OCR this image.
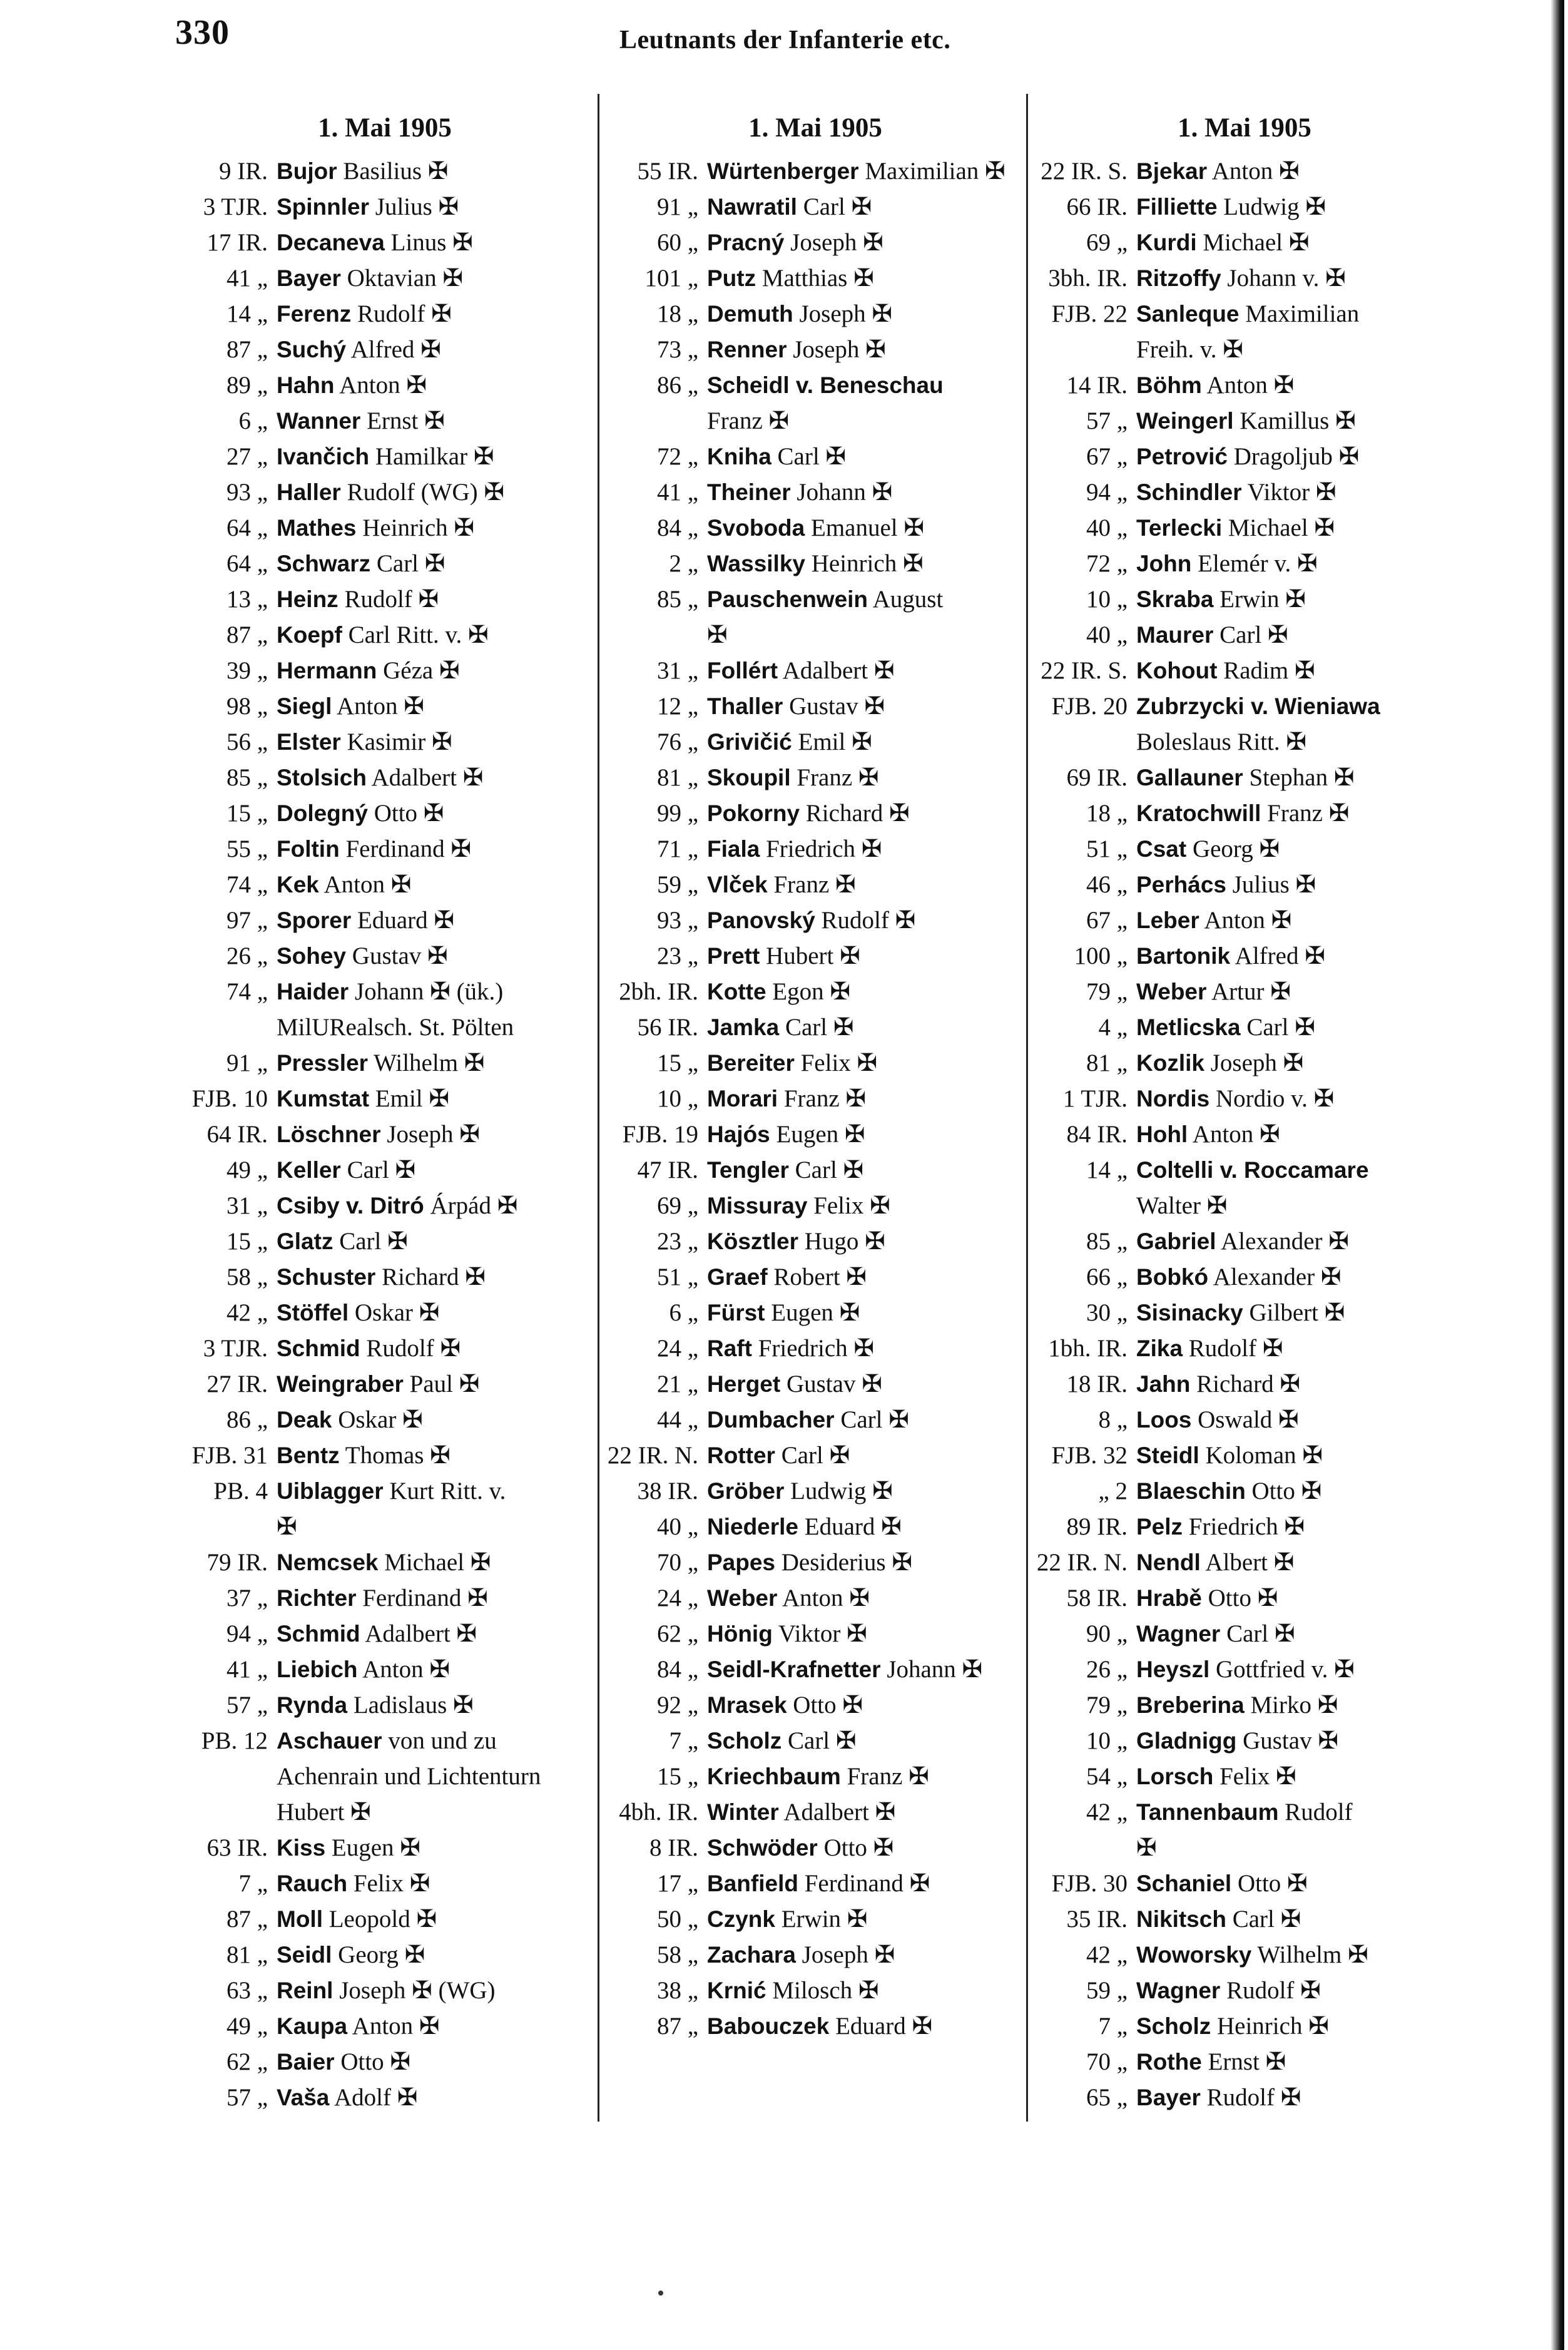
330	Leutnants der Infanterie etc.
1. Mai 1905
9 IR. Bujor Basilius ✠
3 TJR. Spinnler Julius ✠
17 IR. Decaneva Linus ✠
41 „ Bayer Oktavian ✠
14 „ Ferenz Rudolf ✠
87 „ Suchý Alfred ✠
89 „ Hahn Anton ✠
6 „ Wanner Ernst ✠
27 „ Ivančich Hamilkar ✠
93 „ Haller Rudolf (WG) ✠
64 „ Mathes Heinrich ✠
64 „ Schwarz Carl ✠
13 „ Heinz Rudolf ✠
87 „ Koepf Carl Ritt. v. ✠
39 „ Hermann Géza ✠
98 „ Siegl Anton ✠
56 „ Elster Kasimir ✠
85 „ Stolsich Adalbert ✠
15 „ Dolegný Otto ✠
55 „ Foltin Ferdinand ✠
74 „ Kek Anton ✠
97 „ Sporer Eduard ✠
26 „ Sohey Gustav ✠
74 „ Haider Johann ✠ (ük.)
MilURealsch. St. Pölten
91 „ Pressler Wilhelm ✠
FJB. 10 Kumstat Emil ✠
64 IR. Löschner Joseph ✠
49 „ Keller Carl ✠
31 „ Csiby v. Ditró Árpád ✠
15 „ Glatz Carl ✠
58 „ Schuster Richard ✠
42 „ Stöffel Oskar ✠
3 TJR. Schmid Rudolf ✠
27 IR. Weingraber Paul ✠
86 „ Deak Oskar ✠
FJB. 31 Bentz Thomas ✠
PB. 4 Uiblagger Kurt Ritt. v.
✠
79 IR. Nemcsek Michael ✠
37 „ Richter Ferdinand ✠
94 „ Schmid Adalbert ✠
41 „ Liebich Anton ✠
57 „ Rynda Ladislaus ✠
PB. 12 Aschauer von und zu
Achenrain und Lichtenturn Hubert ✠
63 IR. Kiss Eugen ✠
7 „ Rauch Felix ✠
87 „ Moll Leopold ✠
81 „ Seidl Georg ✠
63 „ Reinl Joseph ✠ (WG)
49 „ Kaupa Anton ✠
62 „ Baier Otto ✠
57 „ Vaša Adolf ✠
1. Mai 1905
55 IR. Würtenberger Maximilian ✠
91 „ Nawratil Carl ✠
60 „ Pracný Joseph ✠
101 „ Putz Matthias ✠
18 „ Demuth Joseph ✠
73 „ Renner Joseph ✠
86 „ Scheidl v. Beneschau
Franz ✠
72 „ Kniha Carl ✠
41 „ Theiner Johann ✠
84 „ Svoboda Emanuel ✠
2 „ Wassilky Heinrich ✠
85 „ Pauschenwein August
✠
31 „ Follért Adalbert ✠
12 „ Thaller Gustav ✠
76 „ Grivičić Emil ✠
81 „ Skoupil Franz ✠
99 „ Pokorny Richard ✠
71 „ Fiala Friedrich ✠
59 „ Vlček Franz ✠
93 „ Panovský Rudolf ✠
23 „ Prett Hubert ✠
2bh. IR. Kotte Egon ✠
56 IR. Jamka Carl ✠
15 „ Bereiter Felix ✠
10 „ Morari Franz ✠
FJB. 19 Hajós Eugen ✠
47 IR. Tengler Carl ✠
69 „ Missuray Felix ✠
23 „ Kösztler Hugo ✠
51 „ Graef Robert ✠
6 „ Fürst Eugen ✠
24 „ Raft Friedrich ✠
21 „ Herget Gustav ✠
44 „ Dumbacher Carl ✠
22 IR. N. Rotter Carl ✠
38 IR. Gröber Ludwig ✠
40 „ Niederle Eduard ✠
70 „ Papes Desiderius ✠
24 „ Weber Anton ✠
62 „ Hönig Viktor ✠
84 „ Seidl-Krafnetter Johann ✠
92 „ Mrasek Otto ✠
7 „ Scholz Carl ✠
15 „ Kriechbaum Franz ✠
4bh. IR. Winter Adalbert ✠
8 IR. Schwöder Otto ✠
17 „ Banfield Ferdinand ✠
50 „ Czynk Erwin ✠
58 „ Zachara Joseph ✠
38 „ Krnić Milosch ✠
87 „ Babouczek Eduard ✠
1. Mai 1905
22 IR. S. Bjekar Anton ✠
66 IR. Filliette Ludwig ✠
69 „ Kurdi Michael ✠
3bh. IR. Ritzoffy Johann v. ✠
FJB. 22 Sanleque Maximilian
Freih. v. ✠
14 IR. Böhm Anton ✠
57 „ Weingerl Kamillus ✠
67 „ Petrović Dragoljub ✠
94 „ Schindler Viktor ✠
40 „ Terlecki Michael ✠
72 „ John Elemér v. ✠
10 „ Skraba Erwin ✠
40 „ Maurer Carl ✠
22 IR. S. Kohout Radim ✠
FJB. 20 Zubrzycki v. Wieniawa
Boleslaus Ritt. ✠
69 IR. Gallauner Stephan ✠
18 „ Kratochwill Franz ✠
51 „ Csat Georg ✠
46 „ Perhács Julius ✠
67 „ Leber Anton ✠
100 „ Bartonik Alfred ✠
79 „ Weber Artur ✠
4 „ Metlicska Carl ✠
81 „ Kozlik Joseph ✠
1 TJR. Nordis Nordio v. ✠
84 IR. Hohl Anton ✠
14 „ Coltelli v. Roccamare
Walter ✠
85 „ Gabriel Alexander ✠
66 „ Bobkó Alexander ✠
30 „ Sisinacky Gilbert ✠
1bh. IR. Zika Rudolf ✠
18 IR. Jahn Richard ✠
8 „ Loos Oswald ✠
FJB. 32 Steidl Koloman ✠
„ 2 Blaeschin Otto ✠
89 IR. Pelz Friedrich ✠
22 IR. N. Nendl Albert ✠
58 IR. Hrabě Otto ✠
90 „ Wagner Carl ✠
26 „ Heyszl Gottfried v. ✠
79 „ Breberina Mirko ✠
10 „ Gladnigg Gustav ✠
54 „ Lorsch Felix ✠
42 „ Tannenbaum Rudolf
✠
FJB. 30 Schaniel Otto ✠
35 IR. Nikitsch Carl ✠
42 „ Woworsky Wilhelm ✠
59 „ Wagner Rudolf ✠
7 „ Scholz Heinrich ✠
70 „ Rothe Ernst ✠
65 „ Bayer Rudolf ✠
